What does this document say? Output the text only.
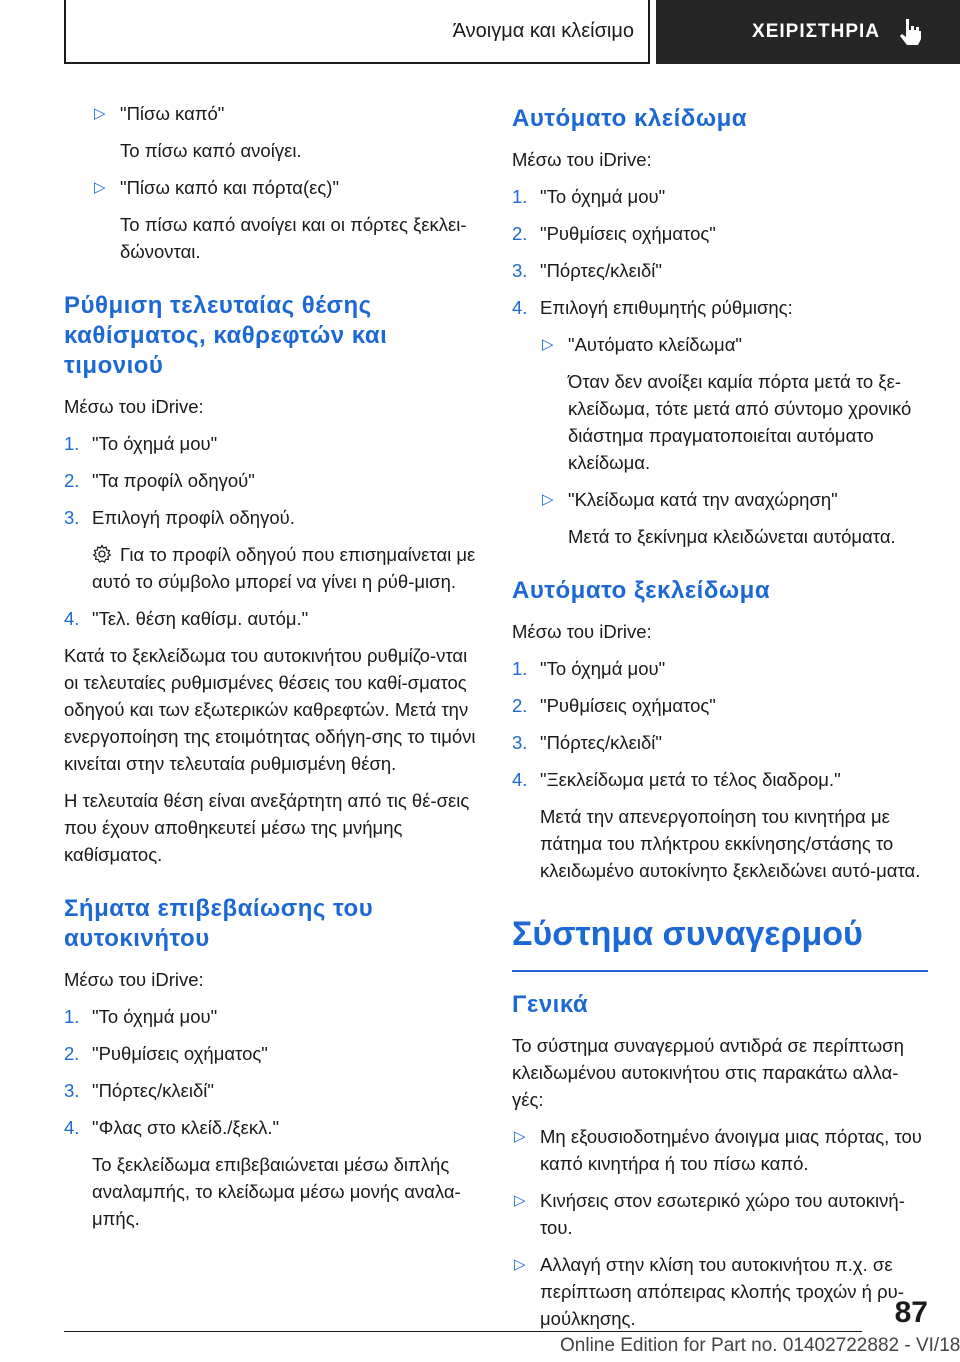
Άνοιγμα και κλείσιμο	ΧΕΙΡΙΣΤΗΡΙΑ
▷ "Πίσω καπό"
Το πίσω καπό ανοίγει.
▷ "Πίσω καπό και πόρτα(ες)"
Το πίσω καπό ανοίγει και οι πόρτες ξεκλει-δώνονται.
Ρύθμιση τελευταίας θέσης καθίσματος, καθρεφτών και τιμονιού

Μέσω του iDrive:

1. "Το όχημά μου"
2. "Τα προφίλ οδηγού"
3. Επιλογή προφίλ οδηγού.
Για το προφίλ οδηγού που επισημαίνεται με αυτό το σύμβολο μπορεί να γίνει η ρύθ-μιση.
4. "Τελ. θέση καθίσμ. αυτόμ."

Κατά το ξεκλείδωμα του αυτοκινήτου ρυθμίζο-νται οι τελευταίες ρυθμισμένες θέσεις του καθί-σματος οδηγού και των εξωτερικών καθρεφτών. Μετά την ενεργοποίηση της ετοιμότητας οδήγη-σης το τιμόνι κινείται στην τελευταία ρυθμισμένη θέση.

Η τελευταία θέση είναι ανεξάρτητη από τις θέ-σεις που έχουν αποθηκευτεί μέσω της μνήμης καθίσματος.

Σήματα επιβεβαίωσης του αυτοκινήτου

Μέσω του iDrive:

1. "Το όχημά μου"
2. "Ρυθμίσεις οχήματος"
3. "Πόρτες/κλειδί"
4. "Φλας στο κλείδ./ξεκλ."
Το ξεκλείδωμα επιβεβαιώνεται μέσω διπλής αναλαμπής, το κλείδωμα μέσω μονής αναλα-μπής.
Αυτόματο κλείδωμα

Μέσω του iDrive:

1. "Το όχημά μου"
2. "Ρυθμίσεις οχήματος"
3. "Πόρτες/κλειδί"
4. Επιλογή επιθυμητής ρύθμισης:
▷ "Αυτόματο κλείδωμα"
Όταν δεν ανοίξει καμία πόρτα μετά το ξε-κλείδωμα, τότε μετά από σύντομο χρονικό διάστημα πραγματοποιείται αυτόματο κλείδωμα.
▷ "Κλείδωμα κατά την αναχώρηση"
Μετά το ξεκίνημα κλειδώνεται αυτόματα.
Αυτόματο ξεκλείδωμα

Μέσω του iDrive:

1. "Το όχημά μου"
2. "Ρυθμίσεις οχήματος"
3. "Πόρτες/κλειδί"
4. "Ξεκλείδωμα μετά το τέλος διαδρομ."
Μετά την απενεργοποίηση του κινητήρα με πάτημα του πλήκτρου εκκίνησης/στάσης το κλειδωμένο αυτοκίνητο ξεκλειδώνει αυτό-ματα.
Σύστημα συναγερμού
Γενικά

Το σύστημα συναγερμού αντιδρά σε περίπτωση κλειδωμένου αυτοκινήτου στις παρακάτω αλλα-γές:

▷ Μη εξουσιοδοτημένο άνοιγμα μιας πόρτας, του καπό κινητήρα ή του πίσω καπό.
▷ Κινήσεις στον εσωτερικό χώρο του αυτοκινή-του.
▷ Αλλαγή στην κλίση του αυτοκινήτου π.χ. σε περίπτωση απόπειρας κλοπής τροχών ή ρυ-μούλκησης.	87
Online Edition for Part no. 01402722882 - VI/18
